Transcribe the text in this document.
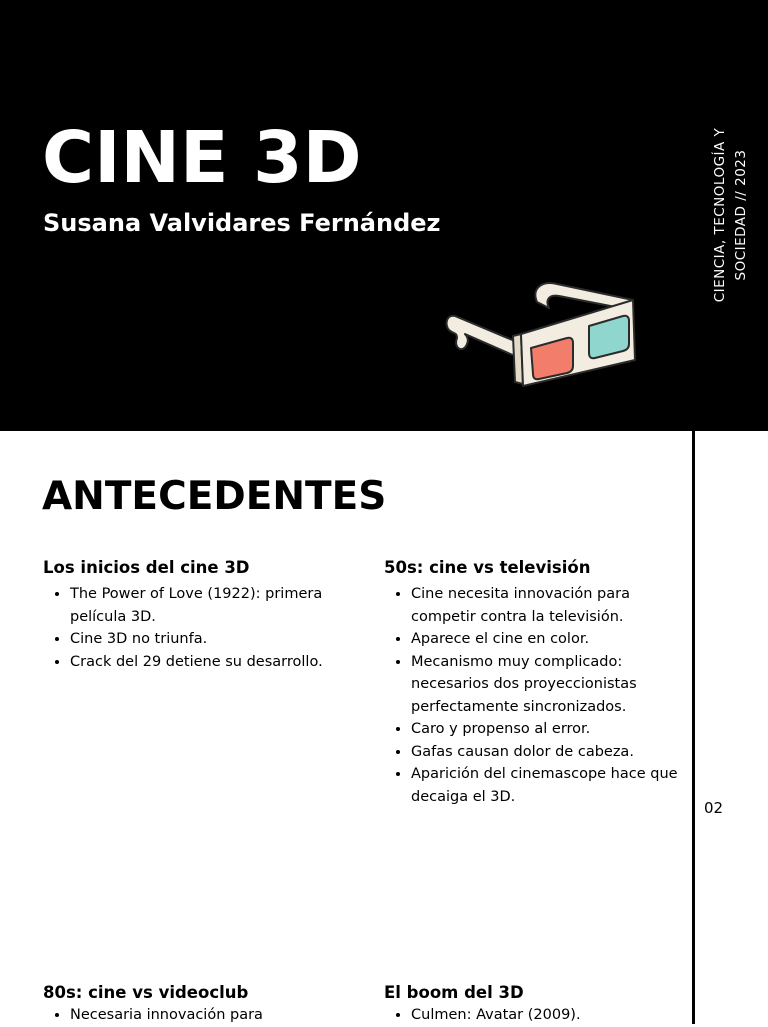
CINE 3D
Susana Valvidares Fernández	CIENCIA, TECNOLOGÍA Y SOCIEDAD // 2023
ANTECEDENTES
Los inicios del cine 3D
• The Power of Love (1922): primera película 3D.
• Cine 3D no triunfa.
• Crack del 29 detiene su desarrollo.
50s: cine vs televisión
• Cine necesita innovación para competir contra la televisión.
• Aparece el cine en color.
• Mecanismo muy complicado: necesarios dos proyeccionistas perfectamente sincronizados.
• Caro y propenso al error.
• Gafas causan dolor de cabeza.
• Aparición del cinemascope hace que decaiga el 3D.
02
80s: cine vs videoclub
• Necesaria innovación para
El boom del 3D
• Culmen: Avatar (2009).
